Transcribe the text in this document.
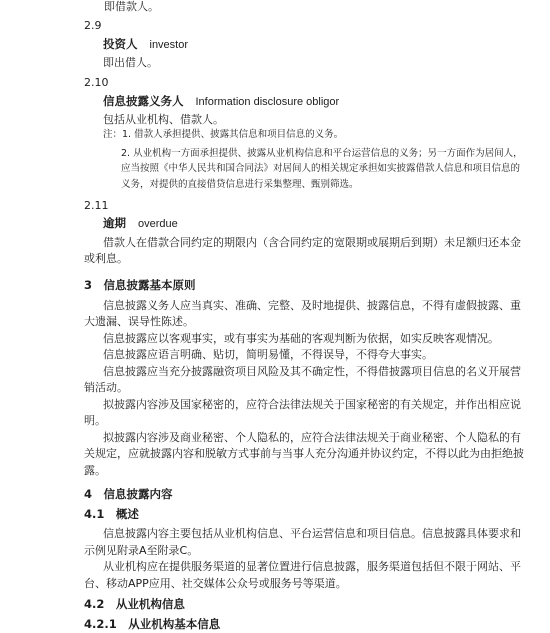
即借款人。
2.9
投资人 investor
即出借人。
2.10
信息披露义务人 Information disclosure obligor
包括从业机构、借款人。
注：1. 借款人承担提供、披露其信息和项目信息的义务。
2. 从业机构一方面承担提供、披露从业机构信息和平台运营信息的义务；另一方面作为居间人，
应当按照《中华人民共和国合同法》对居间人的相关规定承担如实披露借款人信息和项目信息的
义务，对提供的直接借贷信息进行采集整理、甄别筛选。
2.11
逾期 overdue
借款人在借款合同约定的期限内（含合同约定的宽限期或展期后到期）未足额归还本金
或利息。
3　信息披露基本原则
信息披露义务人应当真实、准确、完整、及时地提供、披露信息，不得有虚假披露、重
大遗漏、误导性陈述。
信息披露应以客观事实，或有事实为基础的客观判断为依据，如实反映客观情况。
信息披露应语言明确、贴切，简明易懂，不得误导，不得夸大事实。
信息披露应当充分披露融资项目风险及其不确定性，不得借披露项目信息的名义开展营
销活动。
拟披露内容涉及国家秘密的，应符合法律法规关于国家秘密的有关规定，并作出相应说
明。
拟披露内容涉及商业秘密、个人隐私的，应符合法律法规关于商业秘密、个人隐私的有
关规定，应就披露内容和脱敏方式事前与当事人充分沟通并协议约定，不得以此为由拒绝披
露。
4　信息披露内容
4.1　概述
信息披露内容主要包括从业机构信息、平台运营信息和项目信息。信息披露具体要求和
示例见附录A至附录C。
从业机构应在提供服务渠道的显著位置进行信息披露，服务渠道包括但不限于网站、平
台、移动APP应用、社交媒体公众号或服务号等渠道。
4.2　从业机构信息
4.2.1　从业机构基本信息
